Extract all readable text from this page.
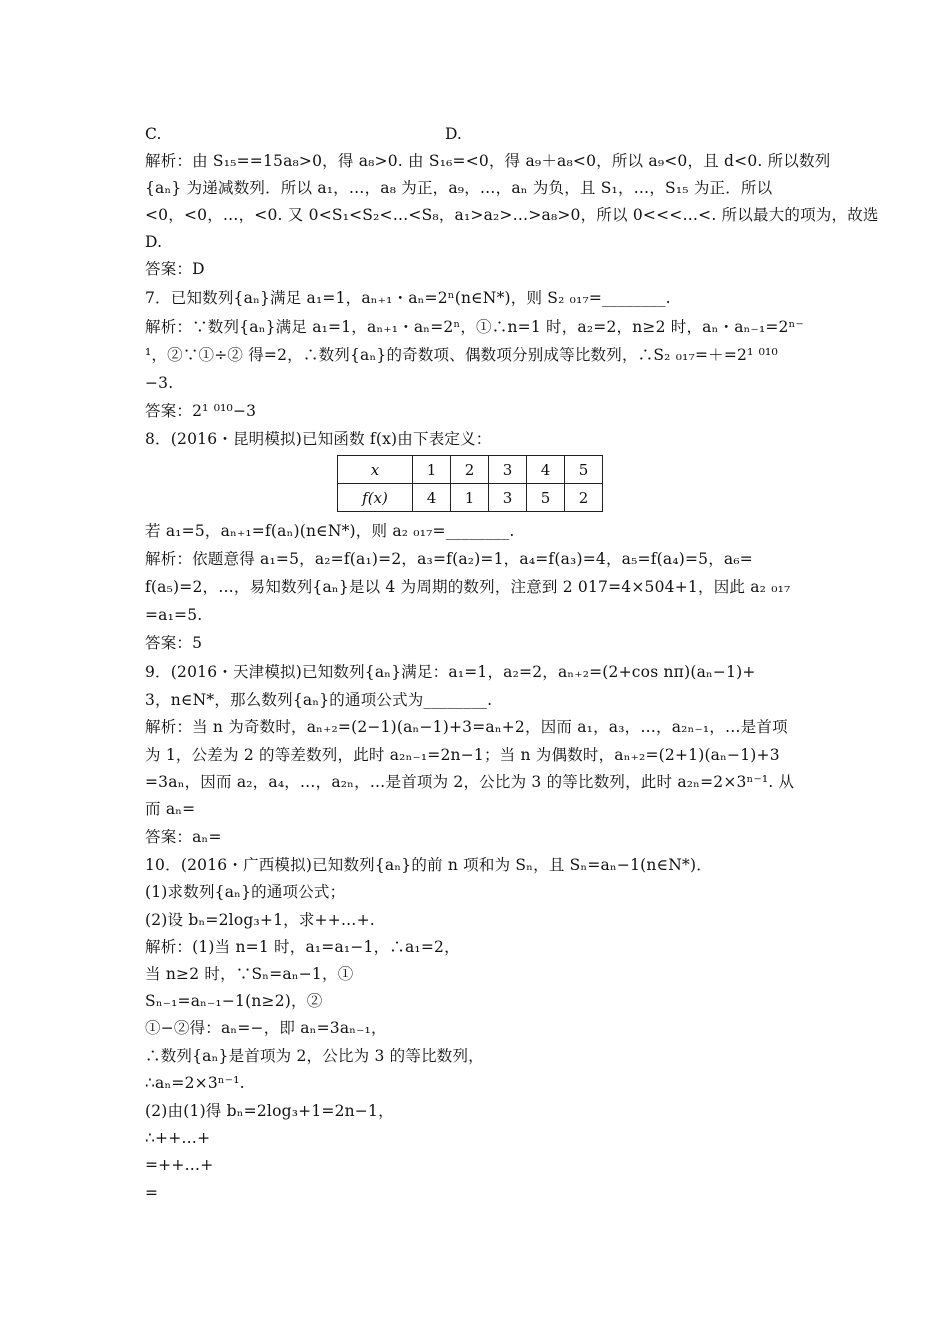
C.	D.
解析：由 S₁₅==15a₈>0，得 a₈>0. 由 S₁₆=<0，得 a₉＋a₈<0，所以 a₉<0，且 d<0. 所以数列
{aₙ} 为递减数列．所以 a₁，…，a₈ 为正，a₉，…，aₙ 为负，且 S₁，…，S₁₅ 为正．所以
<0，<0，…，<0. 又 0<S₁<S₂<…<S₈，a₁>a₂>…>a₈>0，所以 0<<<…<. 所以最大的项为，故选
D.
答案：D
7．已知数列{aₙ}满足 a₁=1，aₙ₊₁・aₙ=2ⁿ(n∈N*)，则 S₂ ₀₁₇=________.
解析：∵数列{aₙ}满足 a₁=1，aₙ₊₁・aₙ=2ⁿ，①∴n=1 时，a₂=2，n≥2 时，aₙ・aₙ₋₁=2ⁿ⁻
¹，②∵①÷② 得=2，∴数列{aₙ}的奇数项、偶数项分别成等比数列，∴S₂ ₀₁₇=＋=2¹ ⁰¹⁰
−3.
答案：2¹ ⁰¹⁰−3
8．(2016・昆明模拟)已知函数 f(x)由下表定义：
x	1	2	3	4	5
f(x)	4	1	3	5	2
若 a₁=5，aₙ₊₁=f(aₙ)(n∈N*)，则 a₂ ₀₁₇=________.
解析：依题意得 a₁=5，a₂=f(a₁)=2，a₃=f(a₂)=1，a₄=f(a₃)=4，a₅=f(a₄)=5，a₆=
f(a₅)=2，…，易知数列{aₙ}是以 4 为周期的数列，注意到 2 017=4×504+1，因此 a₂ ₀₁₇
=a₁=5.
答案：5
9．(2016・天津模拟)已知数列{aₙ}满足：a₁=1，a₂=2，aₙ₊₂=(2+cos nπ)(aₙ−1)+
3，n∈N*，那么数列{aₙ}的通项公式为________.
解析：当 n 为奇数时，aₙ₊₂=(2−1)(aₙ−1)+3=aₙ+2，因而 a₁，a₃，…，a₂ₙ₋₁，…是首项
为 1，公差为 2 的等差数列，此时 a₂ₙ₋₁=2n−1；当 n 为偶数时，aₙ₊₂=(2+1)(aₙ−1)+3
=3aₙ，因而 a₂，a₄，…，a₂ₙ，…是首项为 2，公比为 3 的等比数列，此时 a₂ₙ=2×3ⁿ⁻¹. 从
而 aₙ=
答案：aₙ=
10．(2016・广西模拟)已知数列{aₙ}的前 n 项和为 Sₙ，且 Sₙ=aₙ−1(n∈N*)．
(1)求数列{aₙ}的通项公式；
(2)设 bₙ=2log₃+1，求++…+.
解析：(1)当 n=1 时，a₁=a₁−1，∴a₁=2，
当 n≥2 时，∵Sₙ=aₙ−1，①
Sₙ₋₁=aₙ₋₁−1(n≥2)，②
①−②得：aₙ=−，即 aₙ=3aₙ₋₁，
∴数列{aₙ}是首项为 2，公比为 3 的等比数列，
∴aₙ=2×3ⁿ⁻¹.
(2)由(1)得 bₙ=2log₃+1=2n−1，
∴++…+
=++…+
=
